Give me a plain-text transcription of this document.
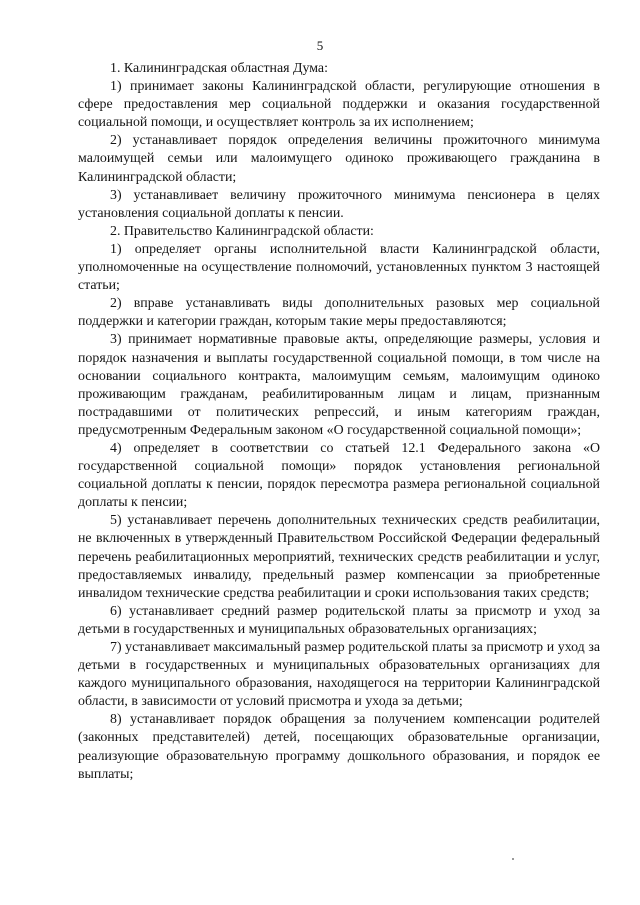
5

1. Калининградская областная Дума:

1) принимает законы Калининградской области, регулирующие отношения в сфере предоставления мер социальной поддержки и оказания государственной социальной помощи, и осуществляет контроль за их исполнением;

2) устанавливает порядок определения величины прожиточного минимума малоимущей семьи или малоимущего одиноко проживающего гражданина в Калининградской области;

3) устанавливает величину прожиточного минимума пенсионера в целях установления социальной доплаты к пенсии.

2. Правительство Калининградской области:

1) определяет органы исполнительной власти Калининградской области, уполномоченные на осуществление полномочий, установленных пунктом 3 настоящей статьи;

2) вправе устанавливать виды дополнительных разовых мер социальной поддержки и категории граждан, которым такие меры предоставляются;

3) принимает нормативные правовые акты, определяющие размеры, условия и порядок назначения и выплаты государственной социальной помощи, в том числе на основании социального контракта, малоимущим семьям, малоимущим одиноко проживающим гражданам, реабилитированным лицам и лицам, признанным пострадавшими от политических репрессий, и иным категориям граждан, предусмотренным Федеральным законом «О государственной социальной помощи»;

4) определяет в соответствии со статьей 12.1 Федерального закона «О государственной социальной помощи» порядок установления региональной социальной доплаты к пенсии, порядок пересмотра размера региональной социальной доплаты к пенсии;

5) устанавливает перечень дополнительных технических средств реабилитации, не включенных в утвержденный Правительством Российской Федерации федеральный перечень реабилитационных мероприятий, технических средств реабилитации и услуг, предоставляемых инвалиду, предельный размер компенсации за приобретенные инвалидом технические средства реабилитации и сроки использования таких средств;

6) устанавливает средний размер родительской платы за присмотр и уход за детьми в государственных и муниципальных образовательных организациях;

7) устанавливает максимальный размер родительской платы за присмотр и уход за детьми в государственных и муниципальных образовательных организациях для каждого муниципального образования, находящегося на территории Калининградской области, в зависимости от условий присмотра и ухода за детьми;

8) устанавливает порядок обращения за получением компенсации родителей (законных представителей) детей, посещающих образовательные организации, реализующие образовательную программу дошкольного образования, и порядок ее выплаты;
